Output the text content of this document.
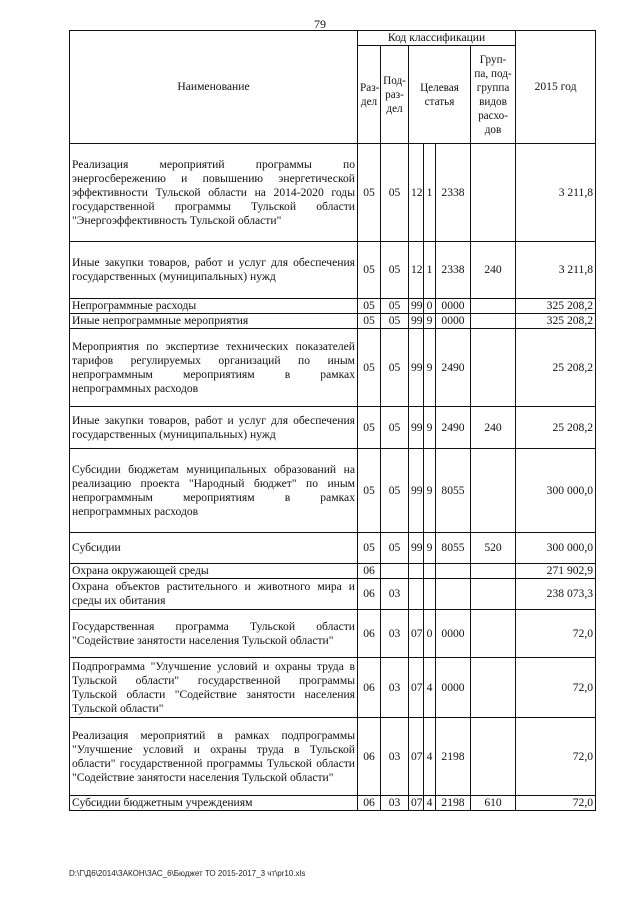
79
Наименование	Код классификации						2015 год
	Раз-дел	Под-раз-дел	Целевая статья			Груп-па, под-группа видов расхо-дов	
Реализация мероприятий программы по энергосбережению и повышению энергетической эффективности Тульской области на 2014-2020 годы государственной программы Тульской области "Энергоэффективность Тульской области"	05	05	12	1	2338		3 211,8
Иные закупки товаров, работ и услуг для обеспечения государственных (муниципальных) нужд	05	05	12	1	2338	240	3 211,8
Непрограммные расходы	05	05	99	0	0000		325 208,2
Иные непрограммные мероприятия	05	05	99	9	0000		325 208,2
Мероприятия по экспертизе технических показателей тарифов регулируемых организаций по иным непрограммным мероприятиям в рамках непрограммных расходов	05	05	99	9	2490		25 208,2
Иные закупки товаров, работ и услуг для обеспечения государственных (муниципальных) нужд	05	05	99	9	2490	240	25 208,2
Субсидии бюджетам муниципальных образований на реализацию проекта "Народный бюджет" по иным непрограммным мероприятиям в рамках непрограммных расходов	05	05	99	9	8055		300 000,0
Субсидии	05	05	99	9	8055	520	300 000,0
Охрана окружающей среды	06						271 902,9
Охрана объектов растительного и животного мира и среды их обитания	06	03					238 073,3
Государственная программа Тульской области "Содействие занятости населения Тульской области"	06	03	07	0	0000		72,0
Подпрограмма "Улучшение условий и охраны труда в Тульской области" государственной программы Тульской области "Содействие занятости населения Тульской области"	06	03	07	4	0000		72,0
Реализация мероприятий в рамках подпрограммы "Улучшение условий и охраны труда в Тульской области" государственной программы Тульской области "Содействие занятости населения Тульской области"	06	03	07	4	2198		72,0
Субсидии бюджетным учреждениям	06	03	07	4	2198	610	72,0
D:\Г\Д6\2014\ЗАКОН\ЗАС_6\Бюджет ТО 2015-2017_3 чт\pr10.xls
